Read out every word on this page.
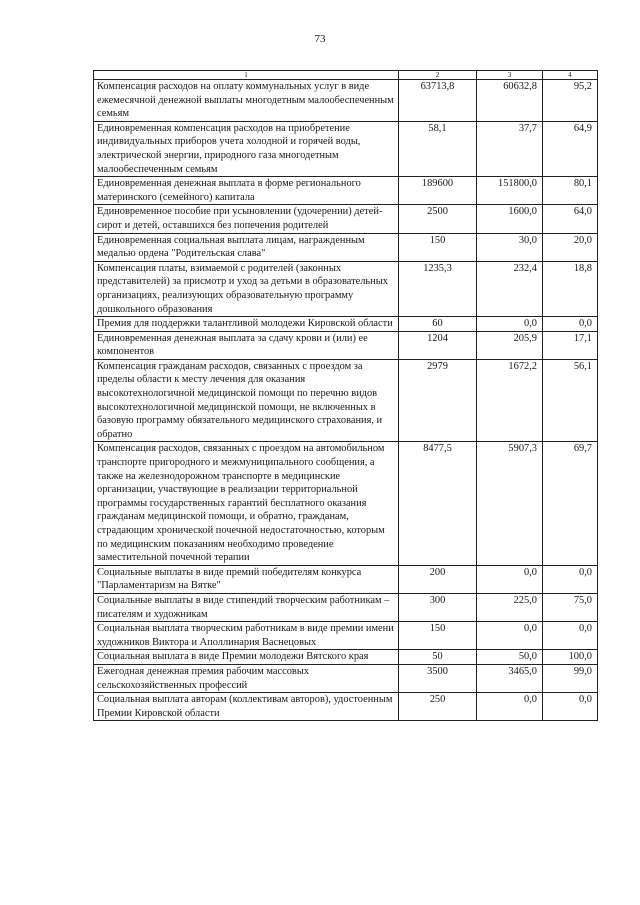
73
1	2	3	4
Компенсация расходов на оплату коммунальных услуг в виде ежемесячной денежной выплаты многодетным малообеспеченным семьям	63713,8	60632,8	95,2
Единовременная компенсация расходов на приобретение индивидуальных приборов учета холодной и горячей воды, электрической энергии, природного газа многодетным малообеспеченным семьям	58,1	37,7	64,9
Единовременная денежная выплата в форме регионального материнского (семейного) капитала	189600	151800,0	80,1
Единовременное пособие при усыновлении (удочерении) детей-сирот и детей, оставшихся без попечения родителей	2500	1600,0	64,0
Единовременная социальная выплата лицам, награжденным медалью ордена "Родительская слава"	150	30,0	20,0
Компенсация платы, взимаемой с родителей (законных представителей) за присмотр и уход за детьми в образовательных организациях, реализующих образовательную программу дошкольного образования	1235,3	232,4	18,8
Премия для поддержки талантливой молодежи Кировской области	60	0,0	0,0
Единовременная денежная выплата за сдачу крови и (или) ее компонентов	1204	205,9	17,1
Компенсация гражданам расходов, связанных с проездом за пределы области к месту лечения для оказания высокотехнологичной медицинской помощи по перечню видов высокотехнологичной медицинской помощи, не включенных в базовую программу обязательного медицинского страхования, и обратно	2979	1672,2	56,1
Компенсация расходов, связанных с проездом на автомобильном транспорте пригородного и межмуниципального сообщения, а также на железнодорожном транспорте в медицинские организации, участвующие в реализации территориальной программы государственных гарантий бесплатного оказания гражданам медицинской помощи, и обратно, гражданам, страдающим хронической почечной недостаточностью, которым по медицинским показаниям необходимо проведение заместительной почечной терапии	8477,5	5907,3	69,7
Социальные выплаты в виде премий победителям конкурса "Парламентаризм на Вятке"	200	0,0	0,0
Социальные выплаты в виде стипендий творческим работникам – писателям и художникам	300	225,0	75,0
Социальная выплата творческим работникам в виде премии имени художников Виктора и Аполлинария Васнецовых	150	0,0	0,0
Социальная выплата в виде Премии молодежи Вятского края	50	50,0	100,0
Ежегодная денежная премия рабочим массовых сельскохозяйственных профессий	3500	3465,0	99,0
Социальная выплата авторам (коллективам авторов), удостоенным Премии Кировской области	250	0,0	0,0
